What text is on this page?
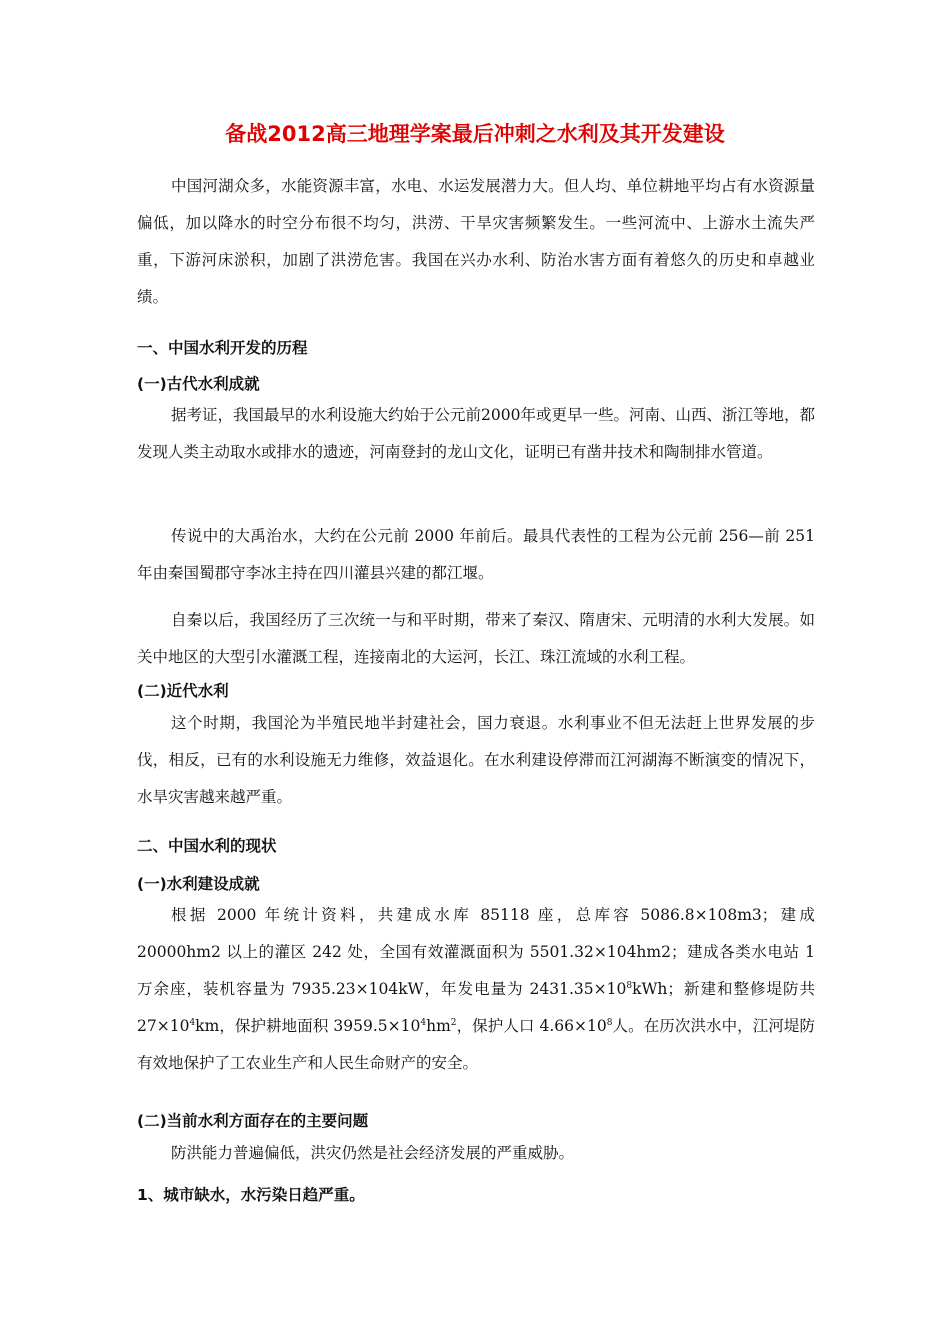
备战2012高三地理学案最后冲刺之水利及其开发建设

中国河湖众多，水能资源丰富，水电、水运发展潜力大。但人均、单位耕地平均占有水资源量偏低，加以降水的时空分布很不均匀，洪涝、干旱灾害频繁发生。一些河流中、上游水土流失严重，下游河床淤积，加剧了洪涝危害。我国在兴办水利、防治水害方面有着悠久的历史和卓越业绩。

一、中国水利开发的历程
(一)古代水利成就

据考证，我国最早的水利设施大约始于公元前2000年或更早一些。河南、山西、浙江等地，都发现人类主动取水或排水的遗迹，河南登封的龙山文化，证明已有凿井技术和陶制排水管道。

传说中的大禹治水，大约在公元前 2000 年前后。最具代表性的工程为公元前 256—前 251 年由秦国蜀郡守李冰主持在四川灌县兴建的都江堰。

自秦以后，我国经历了三次统一与和平时期，带来了秦汉、隋唐宋、元明清的水利大发展。如关中地区的大型引水灌溉工程，连接南北的大运河，长江、珠江流域的水利工程。

(二)近代水利

这个时期，我国沦为半殖民地半封建社会，国力衰退。水利事业不但无法赶上世界发展的步伐，相反，已有的水利设施无力维修，效益退化。在水利建设停滞而江河湖海不断演变的情况下，水旱灾害越来越严重。

二、中国水利的现状
(一)水利建设成就

根据 2000 年统计资料，共建成水库 85118 座，总库容 5086.8×108m3；建成 20000hm2 以上的灌区 242 处，全国有效灌溉面积为 5501.32×104hm2；建成各类水电站 1 万余座，装机容量为 7935.23×104kW，年发电量为 $2431.35\times 10^8kWh$；新建和整修堤防共 $27\times 10^4km$，保护耕地面积 $3959.5\times 10^4hm^2$，保护人口 $4.66\times 10^8$人。在历次洪水中，江河堤防有效地保护了工农业生产和人民生命财产的安全。

(二)当前水利方面存在的主要问题

防洪能力普遍偏低，洪灾仍然是社会经济发展的严重威胁。

1、城市缺水，水污染日趋严重。
